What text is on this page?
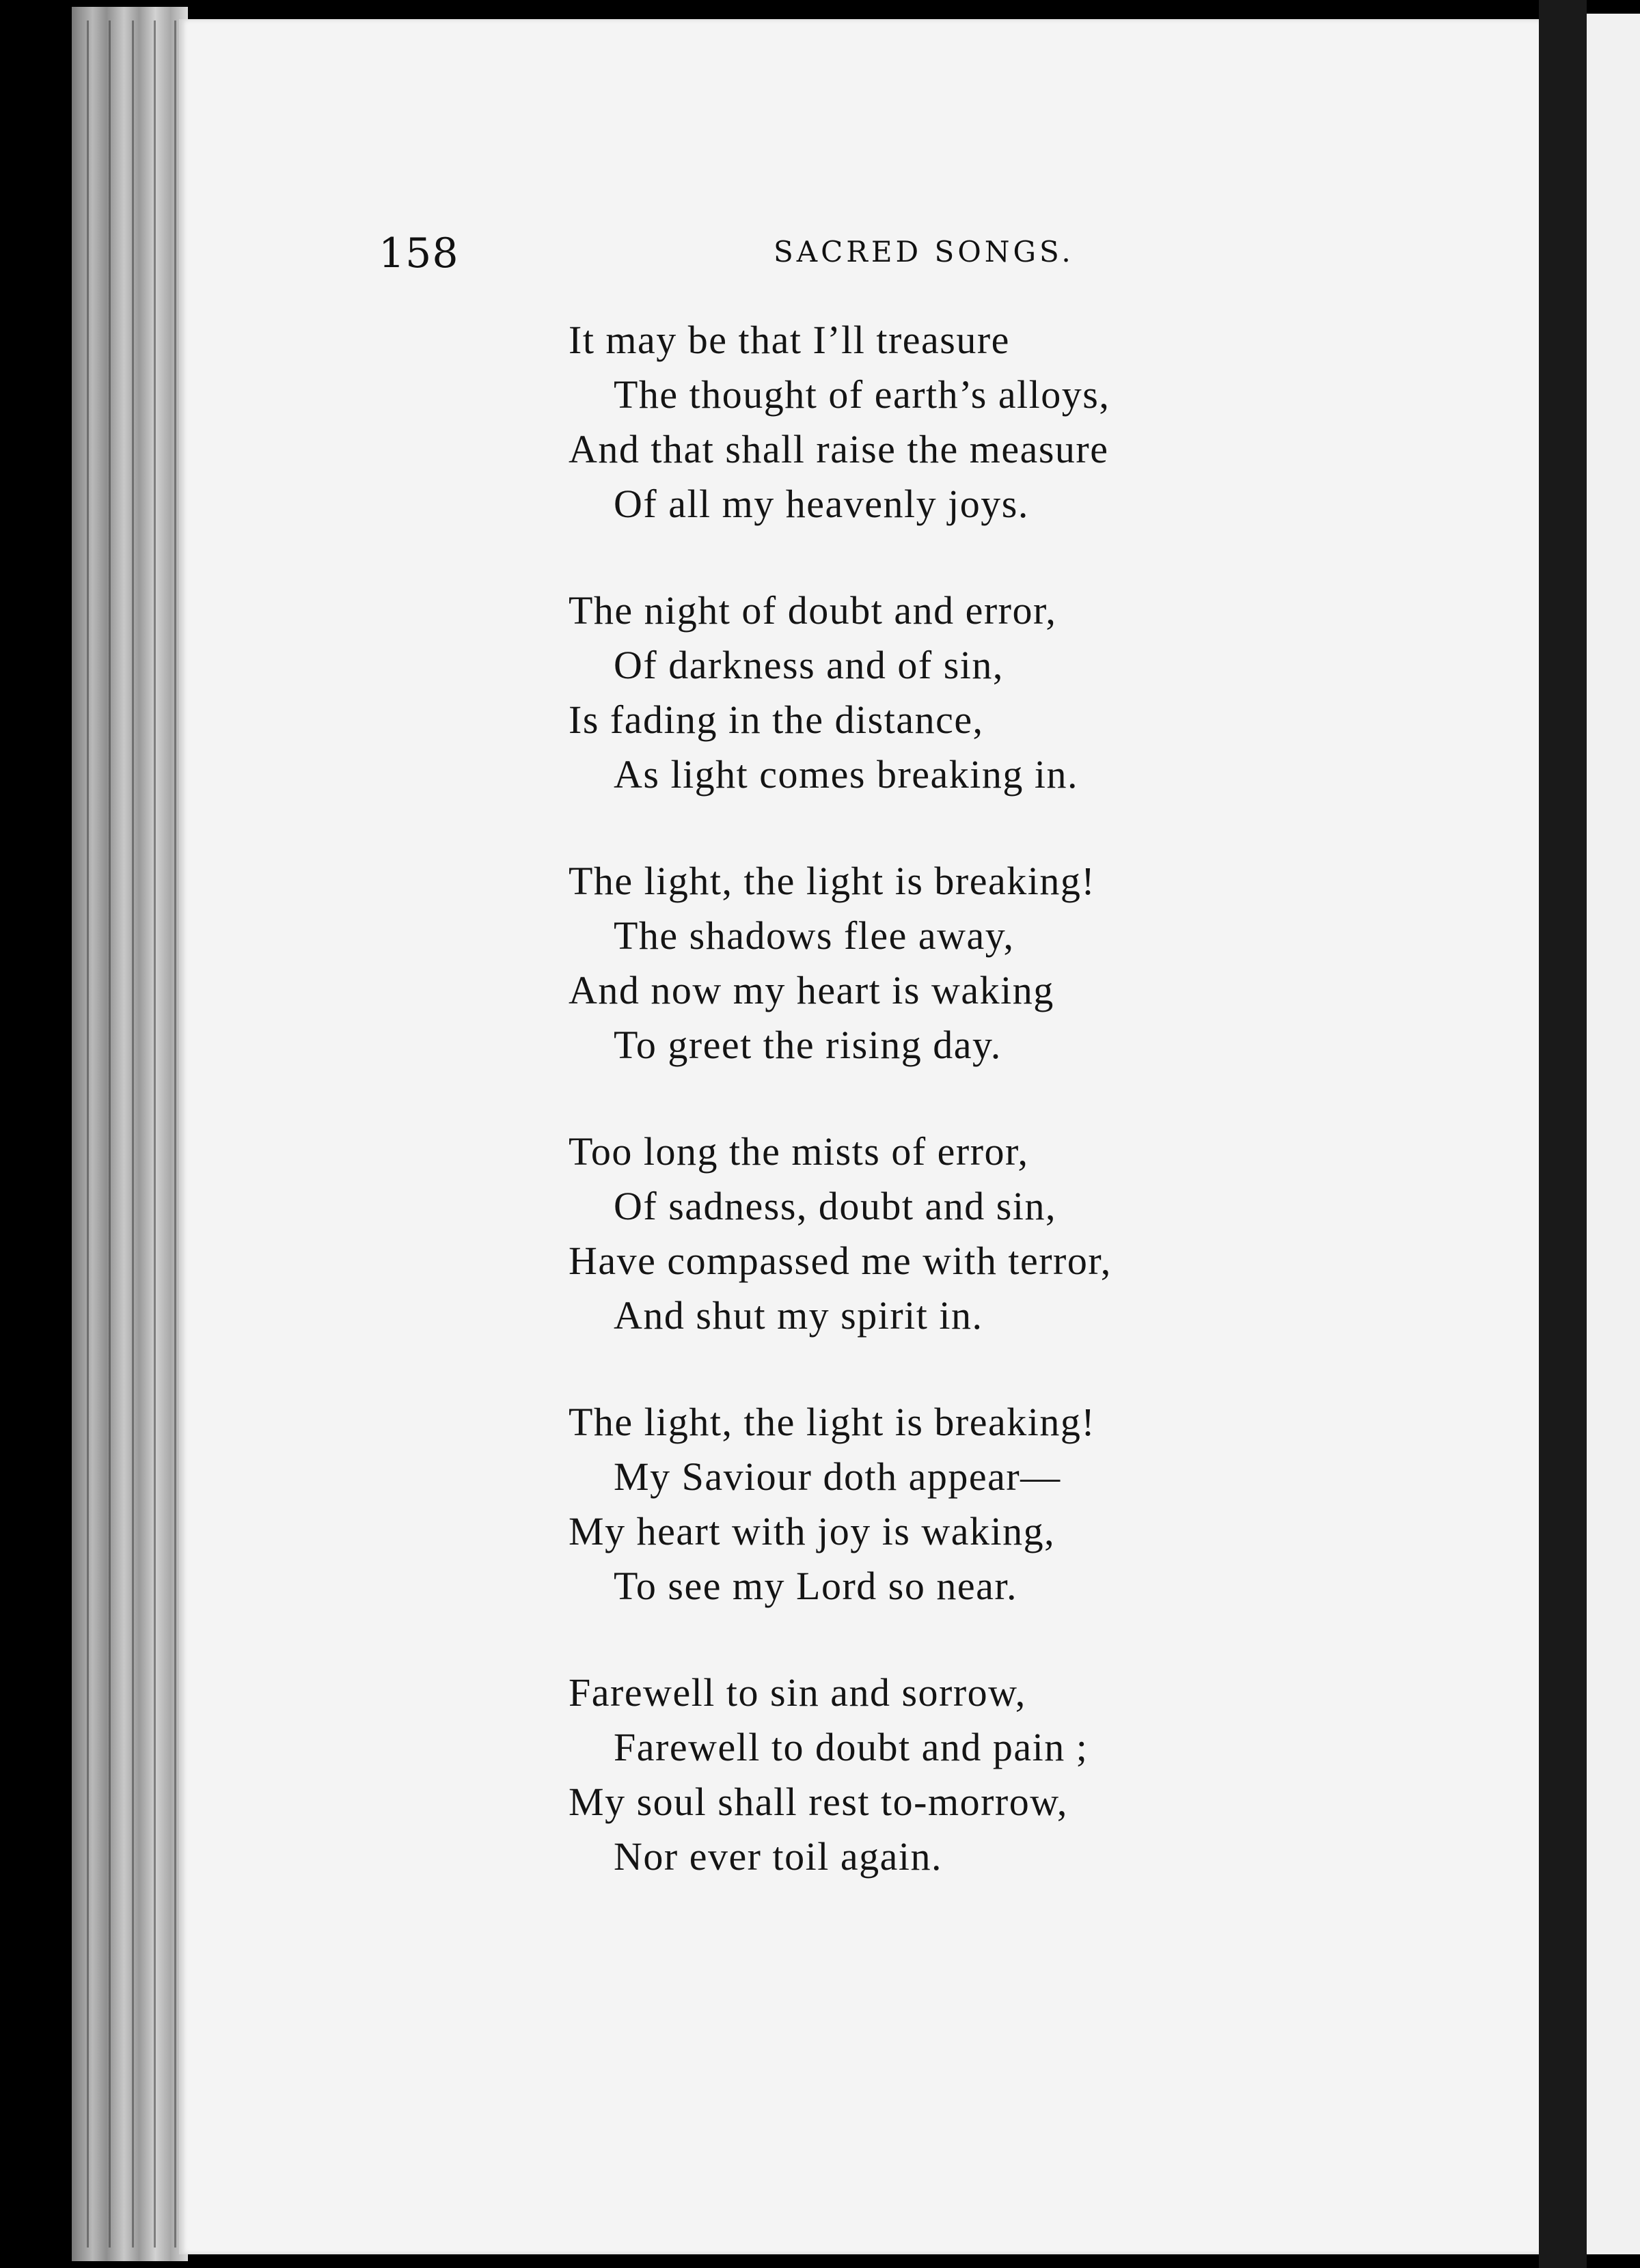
158	SACRED SONGS.
It may be that I’ll treasure
The thought of earth’s alloys,
And that shall raise the measure
Of all my heavenly joys.
The night of doubt and error,
Of darkness and of sin,
Is fading in the distance,
As light comes breaking in.
The light, the light is breaking!
The shadows flee away,
And now my heart is waking
To greet the rising day.
Too long the mists of error,
Of sadness, doubt and sin,
Have compassed me with terror,
And shut my spirit in.
The light, the light is breaking!
My Saviour doth appear—
My heart with joy is waking,
To see my Lord so near.
Farewell to sin and sorrow,
Farewell to doubt and pain ;
My soul shall rest to-morrow,
Nor ever toil again.
